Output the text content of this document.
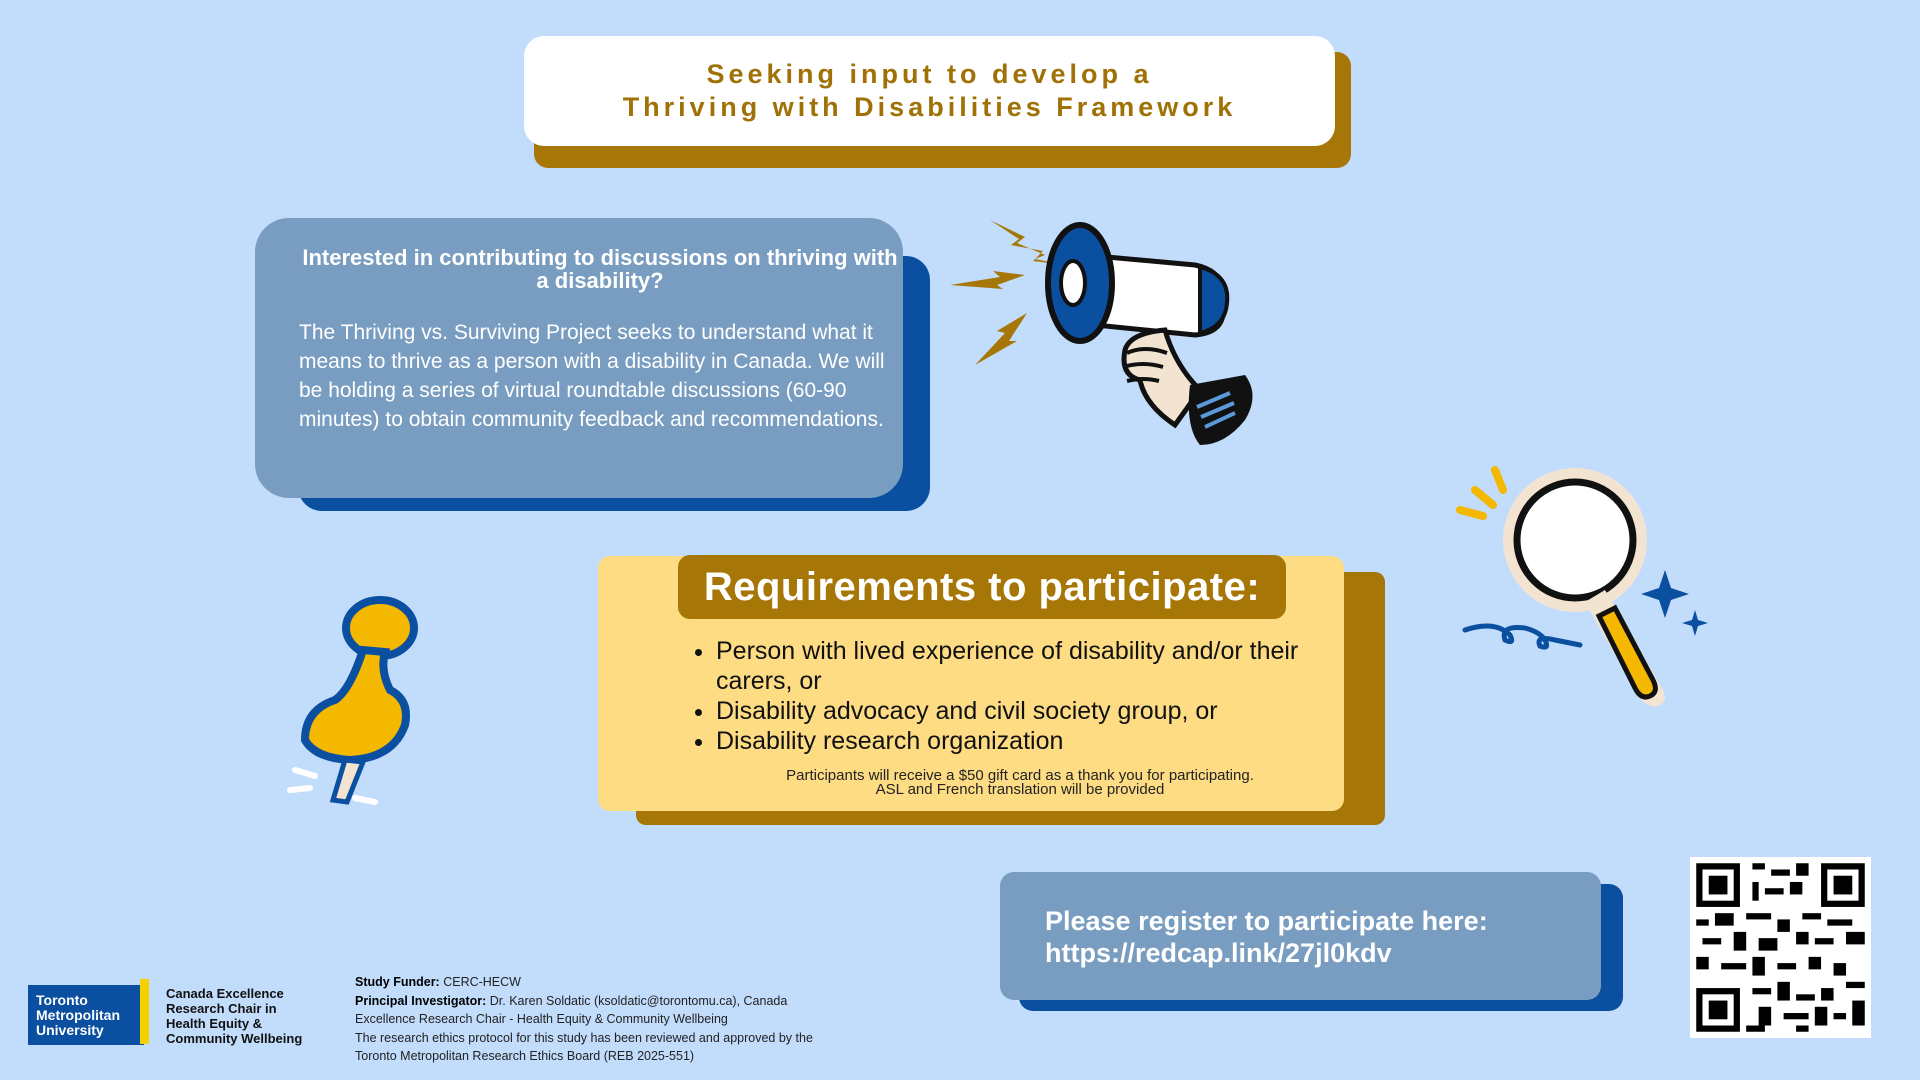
Seeking input to develop a
Thriving with Disabilities Framework
Interested in contributing to discussions on thriving with a disability?
The Thriving vs. Surviving Project seeks to understand what it means to thrive as a person with a disability in Canada. We will be holding a series of virtual roundtable discussions (60-90 minutes) to obtain community feedback and recommendations.
Requirements to participate:
• Person with lived experience of disability and/or their carers, or
• Disability advocacy and civil society group, or
• Disability research organization
Participants will receive a $50 gift card as a thank you for participating.
ASL and French translation will be provided
Please register to participate here:
https://redcap.link/27jl0kdv
Toronto
Metropolitan
University
Canada Excellence
Research Chair in
Health Equity &
Community Wellbeing
Study Funder: CERC-HECW
Principal Investigator: Dr. Karen Soldatic (ksoldatic@torontomu.ca), Canada Excellence Research Chair - Health Equity & Community Wellbeing
The research ethics protocol for this study has been reviewed and approved by the Toronto Metropolitan Research Ethics Board (REB 2025-551)
